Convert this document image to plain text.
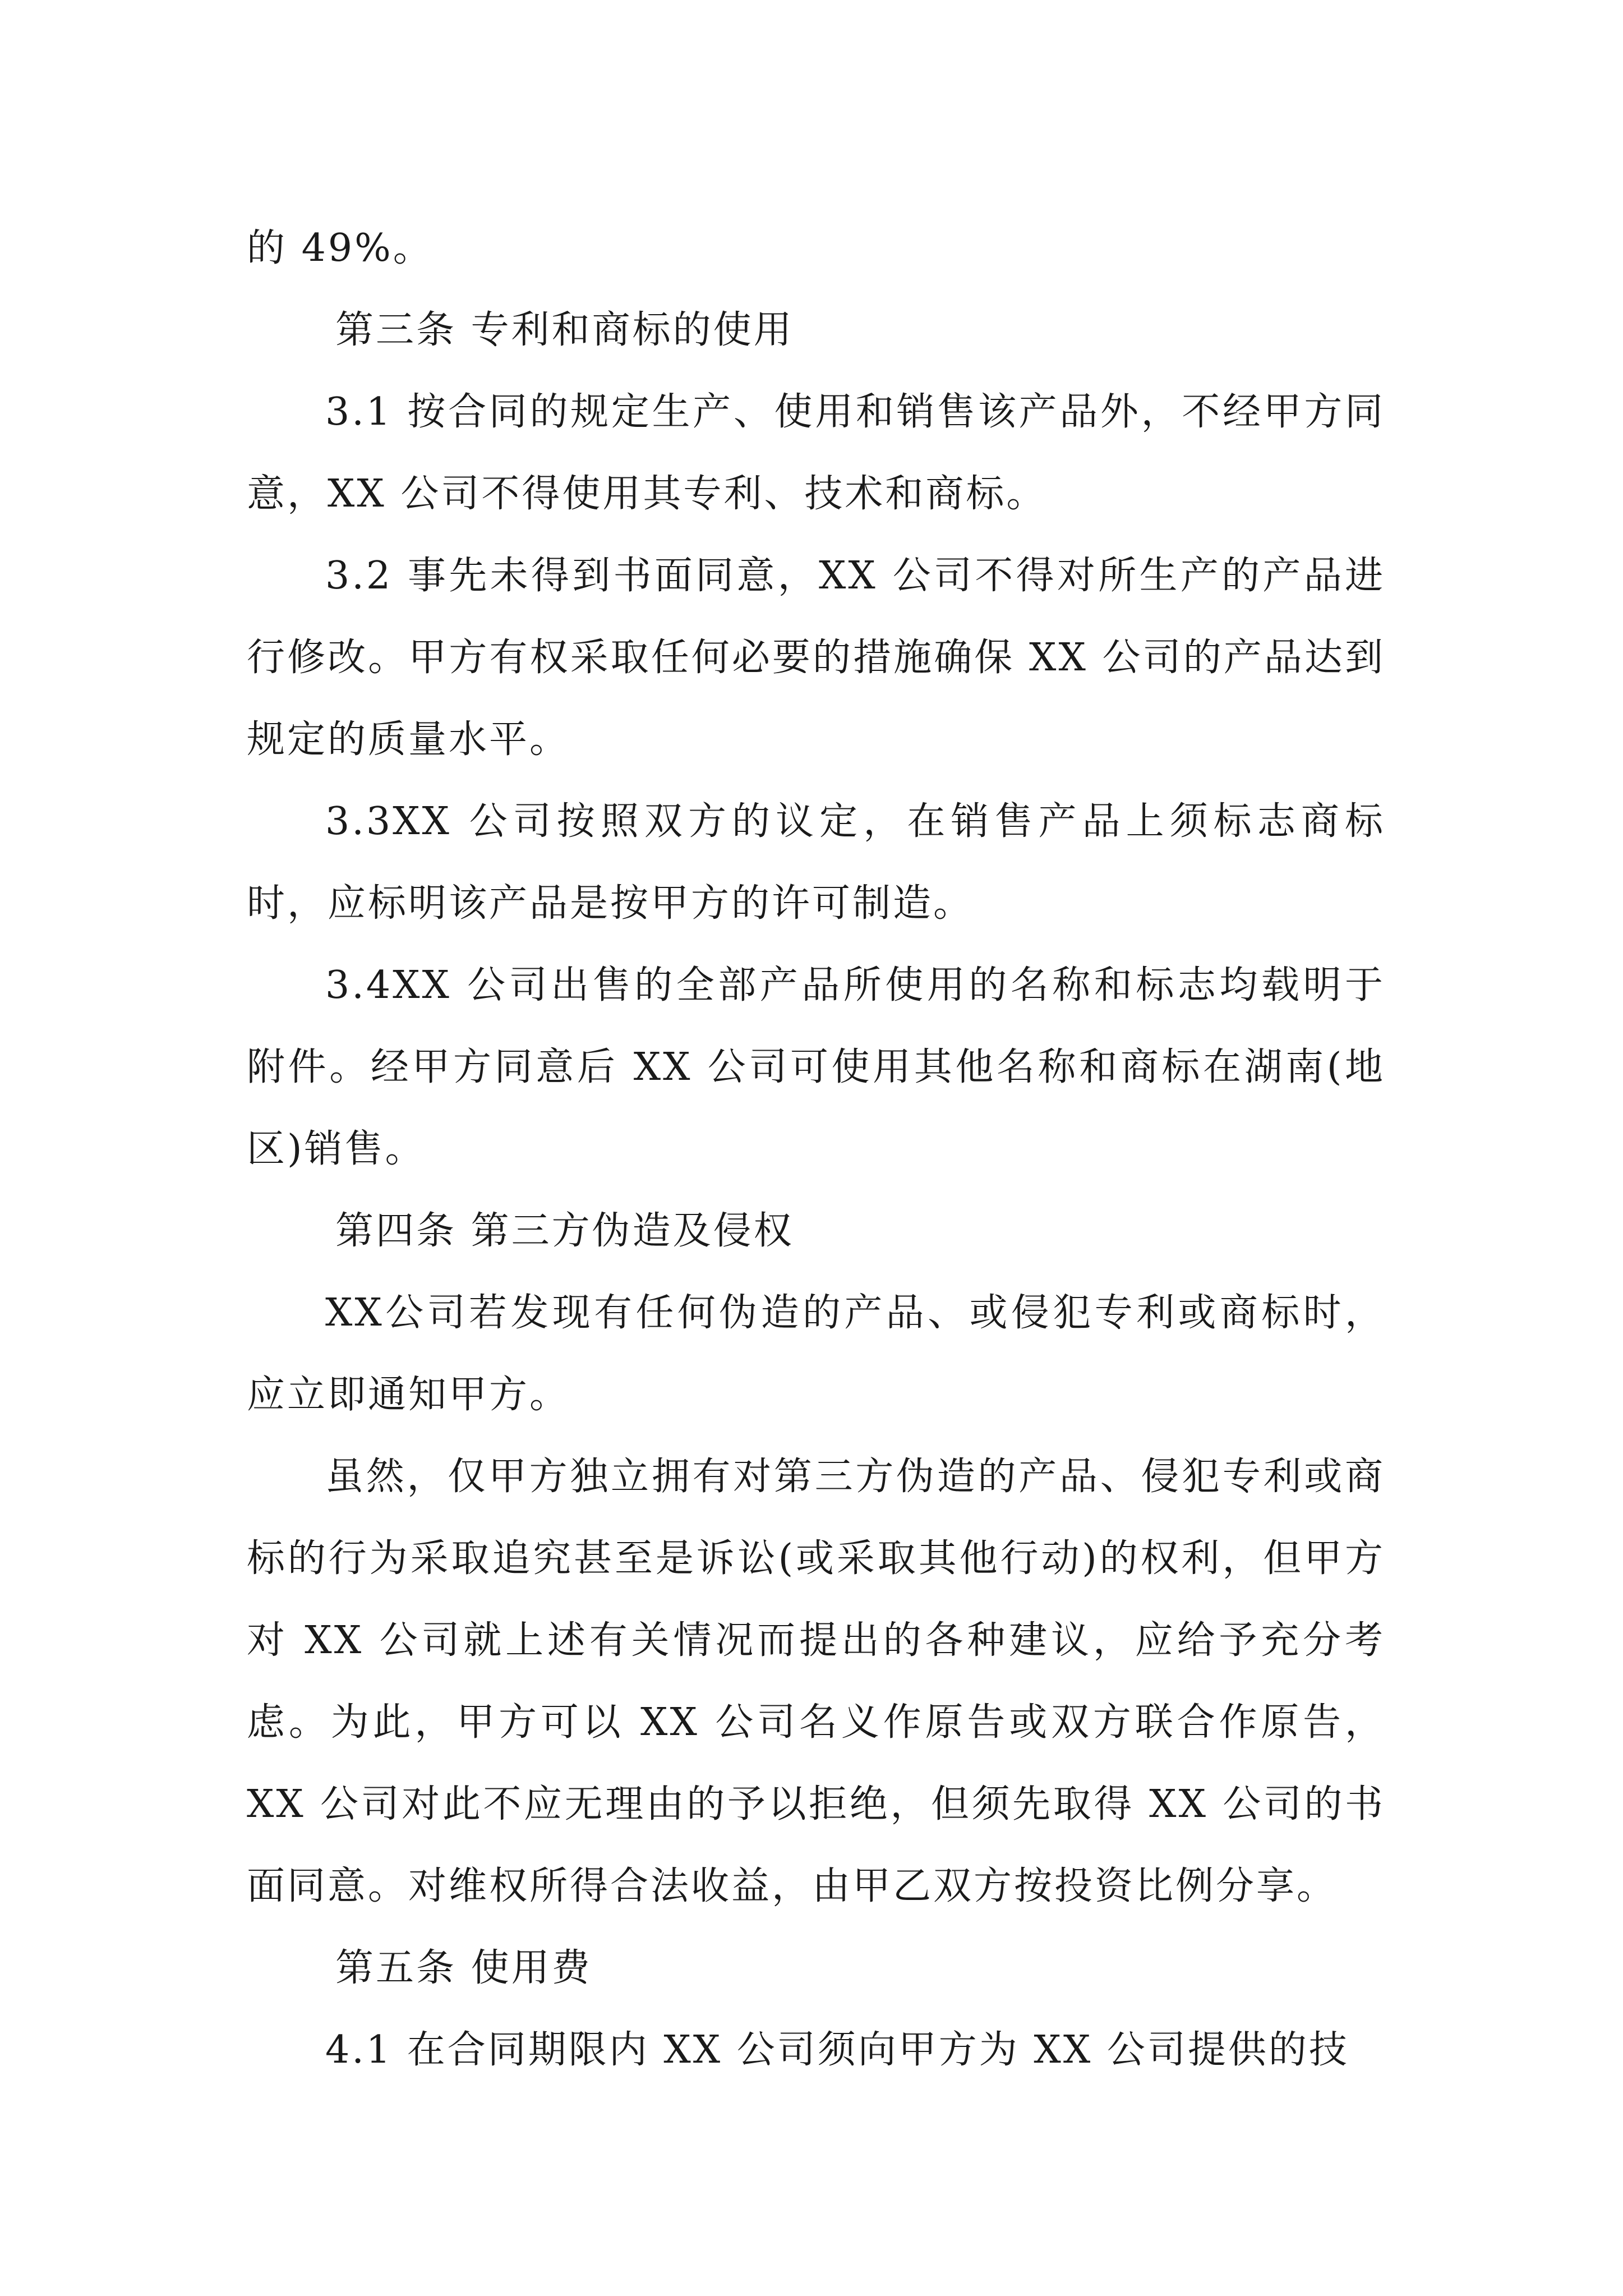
的 49%。

第三条 专利和商标的使用

3.1 按合同的规定生产、使用和销售该产品外，不经甲方同意，XX 公司不得使用其专利、技术和商标。

3.2 事先未得到书面同意，XX 公司不得对所生产的产品进行修改。甲方有权采取任何必要的措施确保 XX 公司的产品达到规定的质量水平。

3.3XX 公司按照双方的议定，在销售产品上须标志商标时，应标明该产品是按甲方的许可制造。

3.4XX 公司出售的全部产品所使用的名称和标志均载明于附件。经甲方同意后 XX 公司可使用其他名称和商标在湖南(地区)销售。

第四条 第三方伪造及侵权

XX公司若发现有任何伪造的产品、或侵犯专利或商标时，应立即通知甲方。

虽然，仅甲方独立拥有对第三方伪造的产品、侵犯专利或商标的行为采取追究甚至是诉讼(或采取其他行动)的权利，但甲方对 XX 公司就上述有关情况而提出的各种建议，应给予充分考虑。为此，甲方可以 XX 公司名义作原告或双方联合作原告，XX 公司对此不应无理由的予以拒绝，但须先取得 XX 公司的书面同意。对维权所得合法收益，由甲乙双方按投资比例分享。

第五条 使用费

4.1 在合同期限内 XX 公司须向甲方为 XX 公司提供的技
